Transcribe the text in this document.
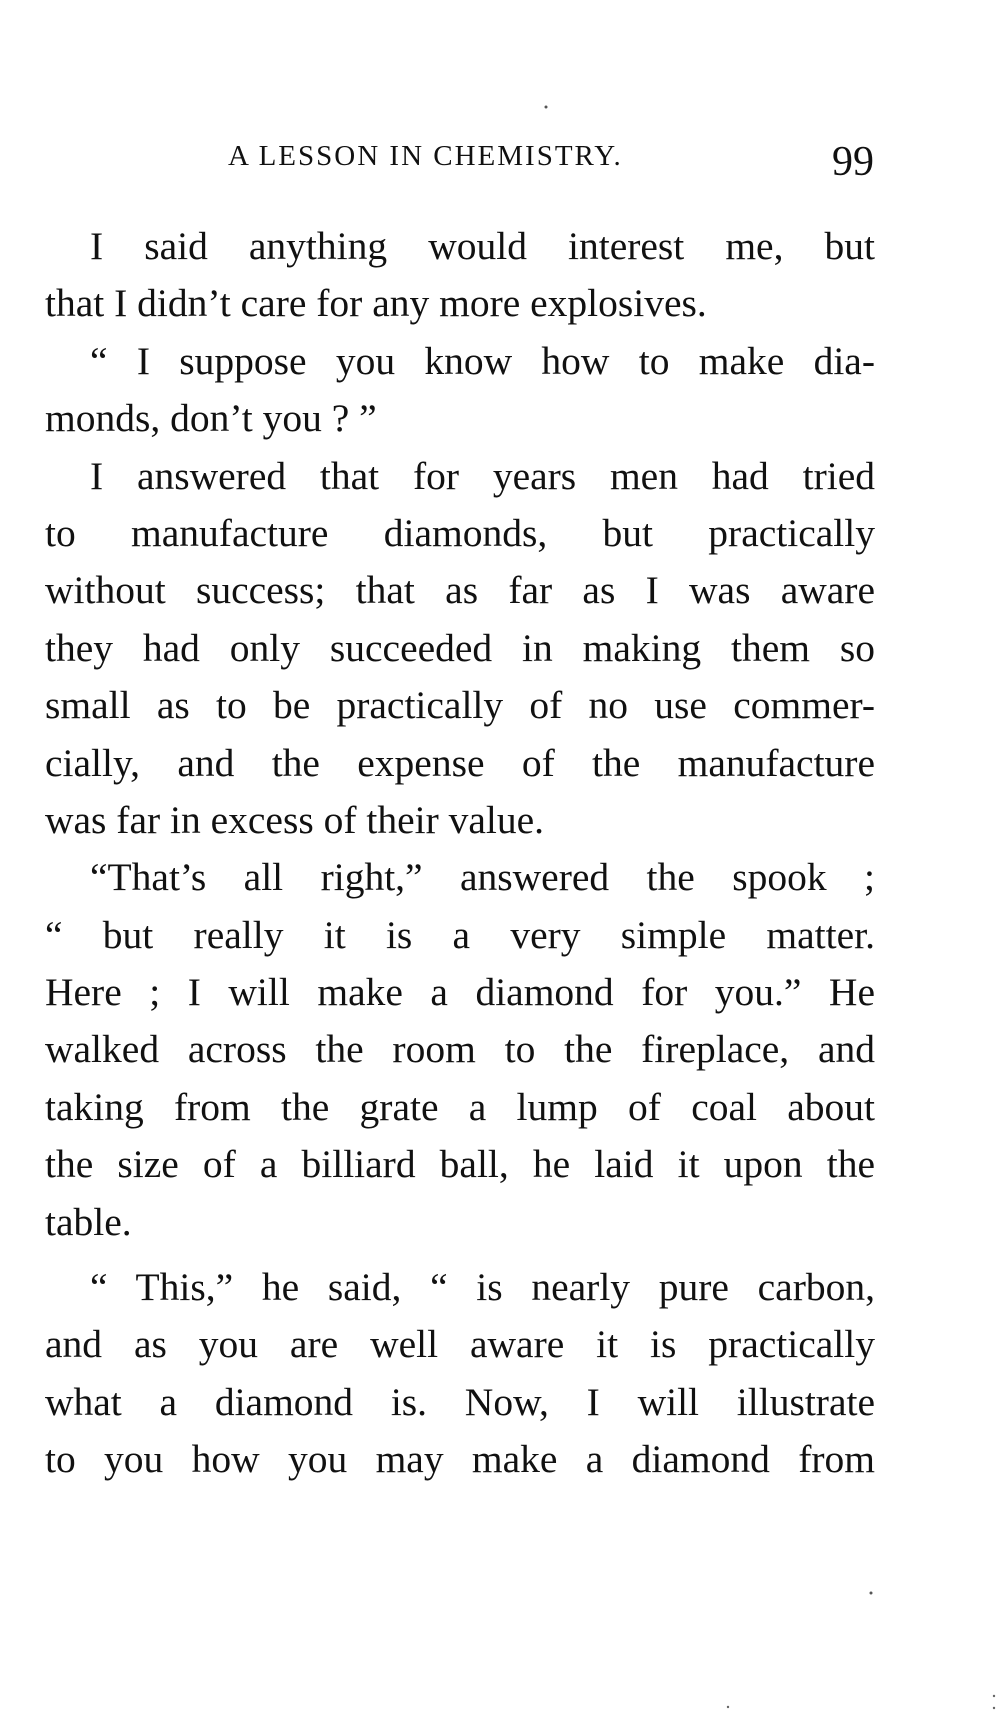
A LESSON IN CHEMISTRY.	99
I said anything would interest me, but
that I didn’t care for any more explosives.
“ I suppose you know how to make dia-
monds, don’t you ? ”
I answered that for years men had tried
to manufacture diamonds, but practically
without success; that as far as I was aware
they had only succeeded in making them so
small as to be practically of no use commer-
cially, and the expense of the manufacture
was far in excess of their value.
“That’s all right,” answered the spook ;
“ but really it is a very simple matter.
Here ; I will make a diamond for you.” He
walked across the room to the fireplace, and
taking from the grate a lump of coal about
the size of a billiard ball, he laid it upon the
table.
“ This,” he said, “ is nearly pure carbon,
and as you are well aware it is practically
what a diamond is. Now, I will illustrate
to you how you may make a diamond from
